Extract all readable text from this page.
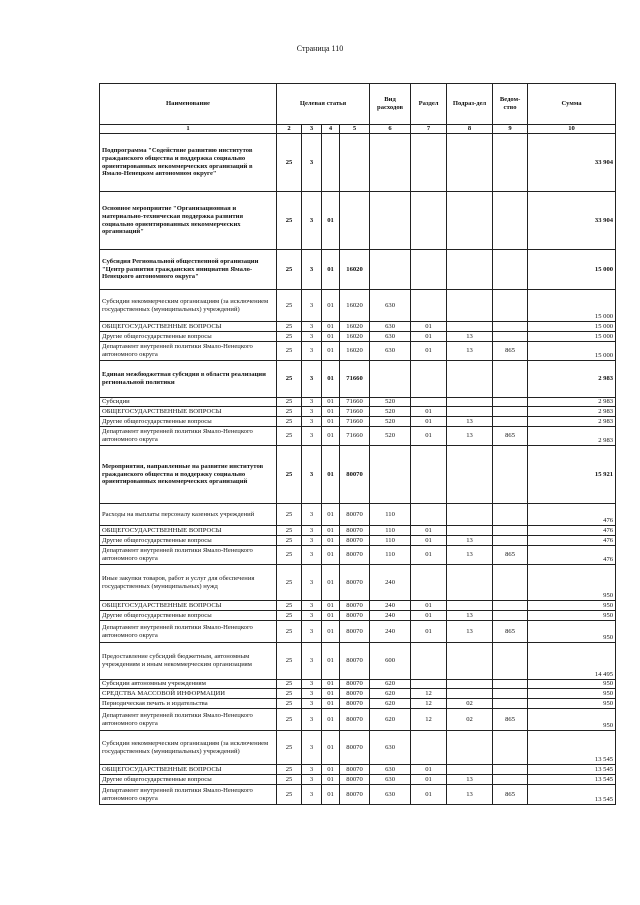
Страница 110
Наименование	Целевая статья				Вид расходов	Раздел	Подраз-дел	Ведом-ство	Сумма
1	2	3	4	5	6	7	8	9	10
Подпрограмма "Содействие развитию институтов гражданского общества и поддержка социально ориентированных некоммерческих организаций в Ямало-Ненецком автономном округе"	25	3							33 904
Основное мероприятие "Организационная и материально-техническая поддержка развития социально ориентированных некоммерческих организаций"	25	3	01						33 904
Субсидия Региональной общественной организации "Центр развития гражданских инициатив Ямало-Ненецкого автономного округа"	25	3	01	16020					15 000
Субсидии некоммерческим организациям (за исключением государственных (муниципальных) учреждений)	25	3	01	16020	630				15 000
ОБЩЕГОСУДАРСТВЕННЫЕ ВОПРОСЫ	25	3	01	16020	630	01			15 000
Другие общегосударственные вопросы	25	3	01	16020	630	01	13		15 000
Департамент внутренней политики Ямало-Ненецкого автономного округа	25	3	01	16020	630	01	13	865	15 000
Единая межбюджетная субсидия в области реализации региональной политики	25	3	01	71660					2 983
Субсидии	25	3	01	71660	520				2 983
ОБЩЕГОСУДАРСТВЕННЫЕ ВОПРОСЫ	25	3	01	71660	520	01			2 983
Другие общегосударственные вопросы	25	3	01	71660	520	01	13		2 983
Департамент внутренней политики Ямало-Ненецкого автономного округа	25	3	01	71660	520	01	13	865	2 983
Мероприятия, направленные на развитие институтов гражданского общества и поддержку социально ориентированных некоммерческих организаций	25	3	01	80070					15 921
Расходы на выплаты персоналу казенных учреждений	25	3	01	80070	110				476
ОБЩЕГОСУДАРСТВЕННЫЕ ВОПРОСЫ	25	3	01	80070	110	01			476
Другие общегосударственные вопросы	25	3	01	80070	110	01	13		476
Департамент внутренней политики Ямало-Ненецкого автономного округа	25	3	01	80070	110	01	13	865	476
Иные закупки товаров, работ и услуг для обеспечения государственных (муниципальных) нужд	25	3	01	80070	240				950
ОБЩЕГОСУДАРСТВЕННЫЕ ВОПРОСЫ	25	3	01	80070	240	01			950
Другие общегосударственные вопросы	25	3	01	80070	240	01	13		950
Департамент внутренней политики Ямало-Ненецкого автономного округа	25	3	01	80070	240	01	13	865	950
Предоставление субсидий бюджетным, автономным учреждениям и иным некоммерческим организациям	25	3	01	80070	600				14 495
Субсидии автономным учреждениям	25	3	01	80070	620				950
СРЕДСТВА МАССОВОЙ ИНФОРМАЦИИ	25	3	01	80070	620	12			950
Периодическая печать и издательства	25	3	01	80070	620	12	02		950
Департамент внутренней политики Ямало-Ненецкого автономного округа	25	3	01	80070	620	12	02	865	950
Субсидии некоммерческим организациям (за исключением государственных (муниципальных) учреждений)	25	3	01	80070	630				13 545
ОБЩЕГОСУДАРСТВЕННЫЕ ВОПРОСЫ	25	3	01	80070	630	01			13 545
Другие общегосударственные вопросы	25	3	01	80070	630	01	13		13 545
Департамент внутренней политики Ямало-Ненецкого автономного округа	25	3	01	80070	630	01	13	865	13 545
